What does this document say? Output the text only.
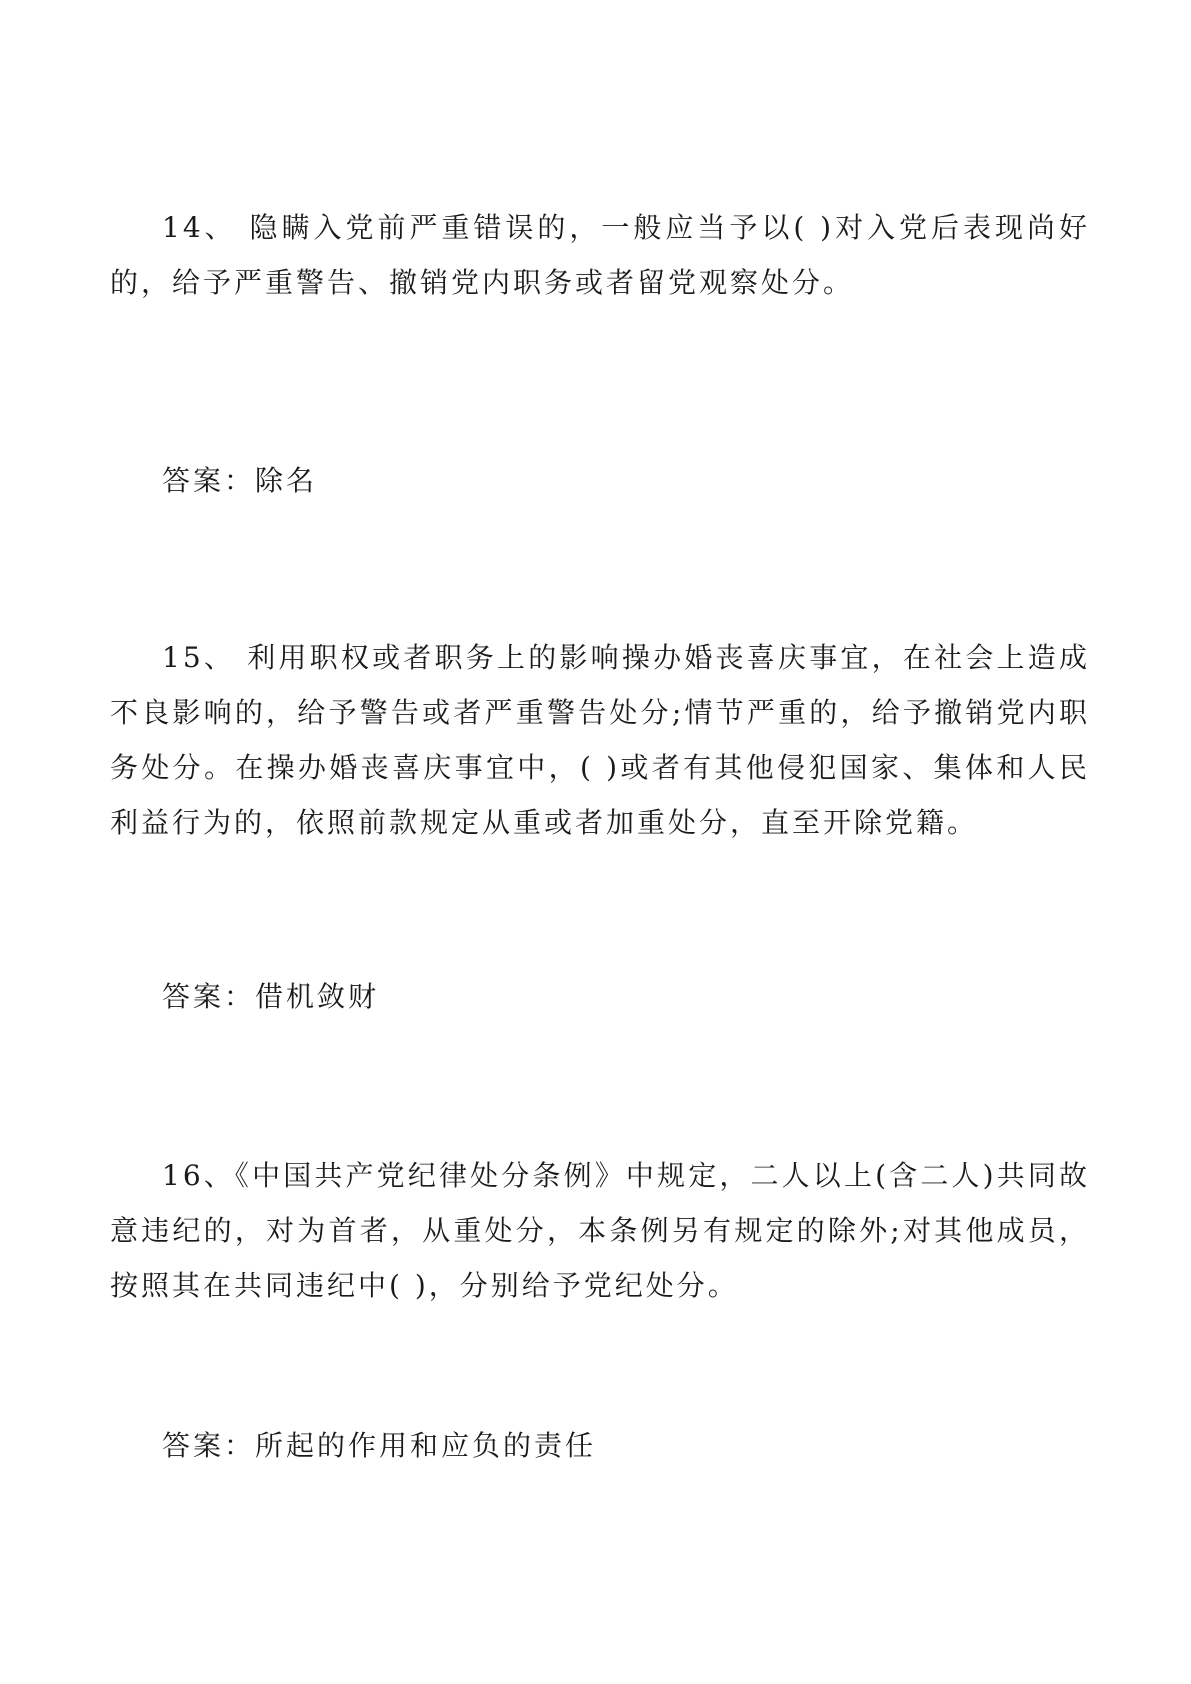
14、 隐瞒入党前严重错误的，一般应当予以( )对入党后表现尚好的，给予严重警告、撤销党内职务或者留党观察处分。

答案：除名

15、 利用职权或者职务上的影响操办婚丧喜庆事宜，在社会上造成不良影响的，给予警告或者严重警告处分;情节严重的，给予撤销党内职务处分。在操办婚丧喜庆事宜中，( )或者有其他侵犯国家、集体和人民利益行为的，依照前款规定从重或者加重处分，直至开除党籍。

答案：借机敛财

16、《中国共产党纪律处分条例》中规定，二人以上(含二人)共同故意违纪的，对为首者，从重处分，本条例另有规定的除外;对其他成员，按照其在共同违纪中( )，分别给予党纪处分。

答案：所起的作用和应负的责任
